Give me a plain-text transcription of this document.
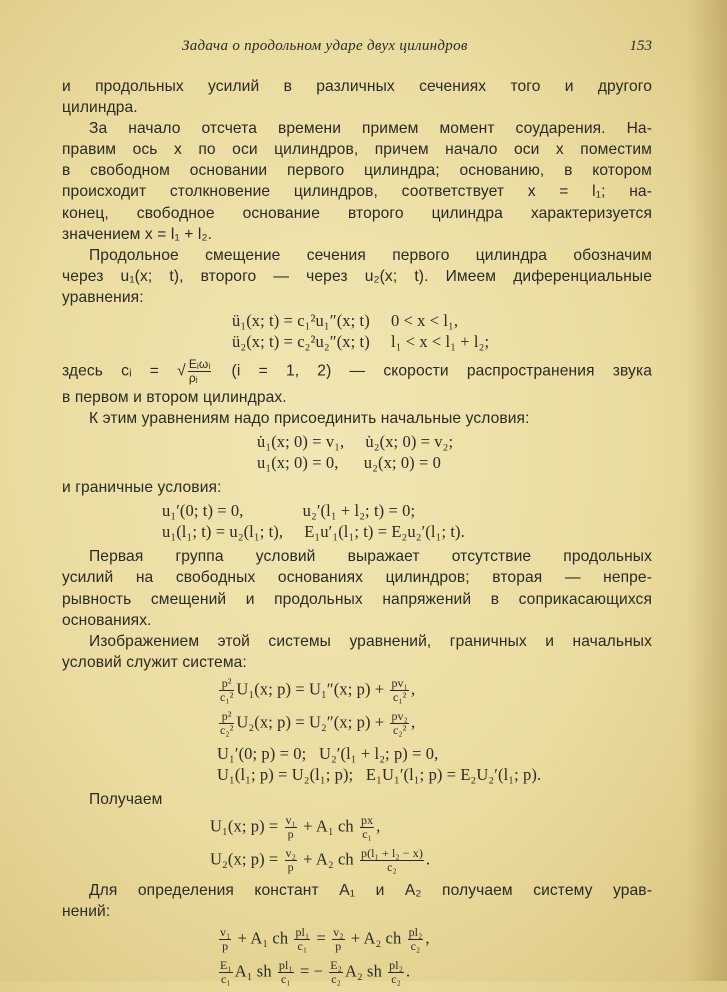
Задача о продольном ударе двух цилиндров	153
и продольных усилий в различных сечениях того и другого
цилиндра.
За начало отсчета времени примем момент соударения. На-
правим ось x по оси цилиндров, причем начало оси x поместим
в свободном основании первого цилиндра; основанию, в котором
происходит столкновение цилиндров, соответствует x = l₁; на-
конец, свободное основание второго цилиндра характеризуется
значением x = l₁ + l₂.
Продольное смещение сечения первого цилиндра обозначим
через u₁(x; t), второго — через u₂(x; t). Имеем диференциальные
уравнения:
ü₁(x; t) = c₁²u₁″(x; t)     0 < x < l₁,
ü₂(x; t) = c₂²u₂″(x; t)     l₁ < x < l₁ + l₂;
здесь cᵢ = √ $\frac{\text{Eᵢωᵢ}}{\text{ρᵢ}} (i = 1$, 2) — скорости распространения звука
в первом и втором цилиндрах.
К этим уравнениям надо присоединить начальные условия:
u̇₁(x; 0) = v₁,     u̇₂(x; 0) = v₂;
u₁(x; 0) = 0,      u₂(x; 0) = 0
и граничные условия:
u₁′(0; t) = 0,              u₂′(l₁ + l₂; t) = 0;
u₁(l₁; t) = u₂(l₁; t),     E₁u′₁(l₁; t) = E₂u₂′(l₁; t).
Первая группа условий выражает отсутствие продольных
усилий на свободных основаниях цилиндров; вторая — непре-
рывность смещений и продольных напряжений в соприкасающихся
основаниях.
Изображением этой системы уравнений, граничных и начальных
условий служит система:
$\frac{\text{p²}}{\text{c₁²}} U_1(x$; p) = U₁″(x; $p) + \frac{\text{pv₁}}{\text{c₁²}}$ ,
$\frac{\text{p²}}{\text{c₂²}} U_2(x$; p) = U₂″(x; $p) + \frac{\text{pv₂}}{\text{c₂²}}$ ,
U₁′(0; p) = 0;   U₂′(l₁ + l₂; p) = 0,
U₁(l₁; p) = U₂(l₁; p);   E₁U₁′(l₁; p) = E₂U₂′(l₁; p).
Получаем
U₁(x; $p) = \frac{\text{v₁}}{p} + A_1$ ch $\frac{px}{\text{c₁}}$ ,
U₂(x; $p) = \frac{\text{v₂}}{p} + A_2$ ch $\frac{\text{p(l₁ + l₂ − x)}}{\text{c₂}}$ .
Для определения констант A₁ и A₂ получаем систему урав-
нений:
$\frac{\text{v₁}}{p} + A_1$ ch $\frac{\text{pl₁}}{\text{c₁}} = \frac{\text{v₂}}{p} + A_2$ ch $\frac{\text{pl₂}}{\text{c₂}}$ ,
$\frac{\text{E₁}}{\text{c₁}} A_1$ sh $\frac{\text{pl₁}}{\text{c₁}}$ = − $\frac{\text{E₂}}{\text{c₂}} A_2$ sh $\frac{\text{pl₂}}{\text{c₂}}$ .
